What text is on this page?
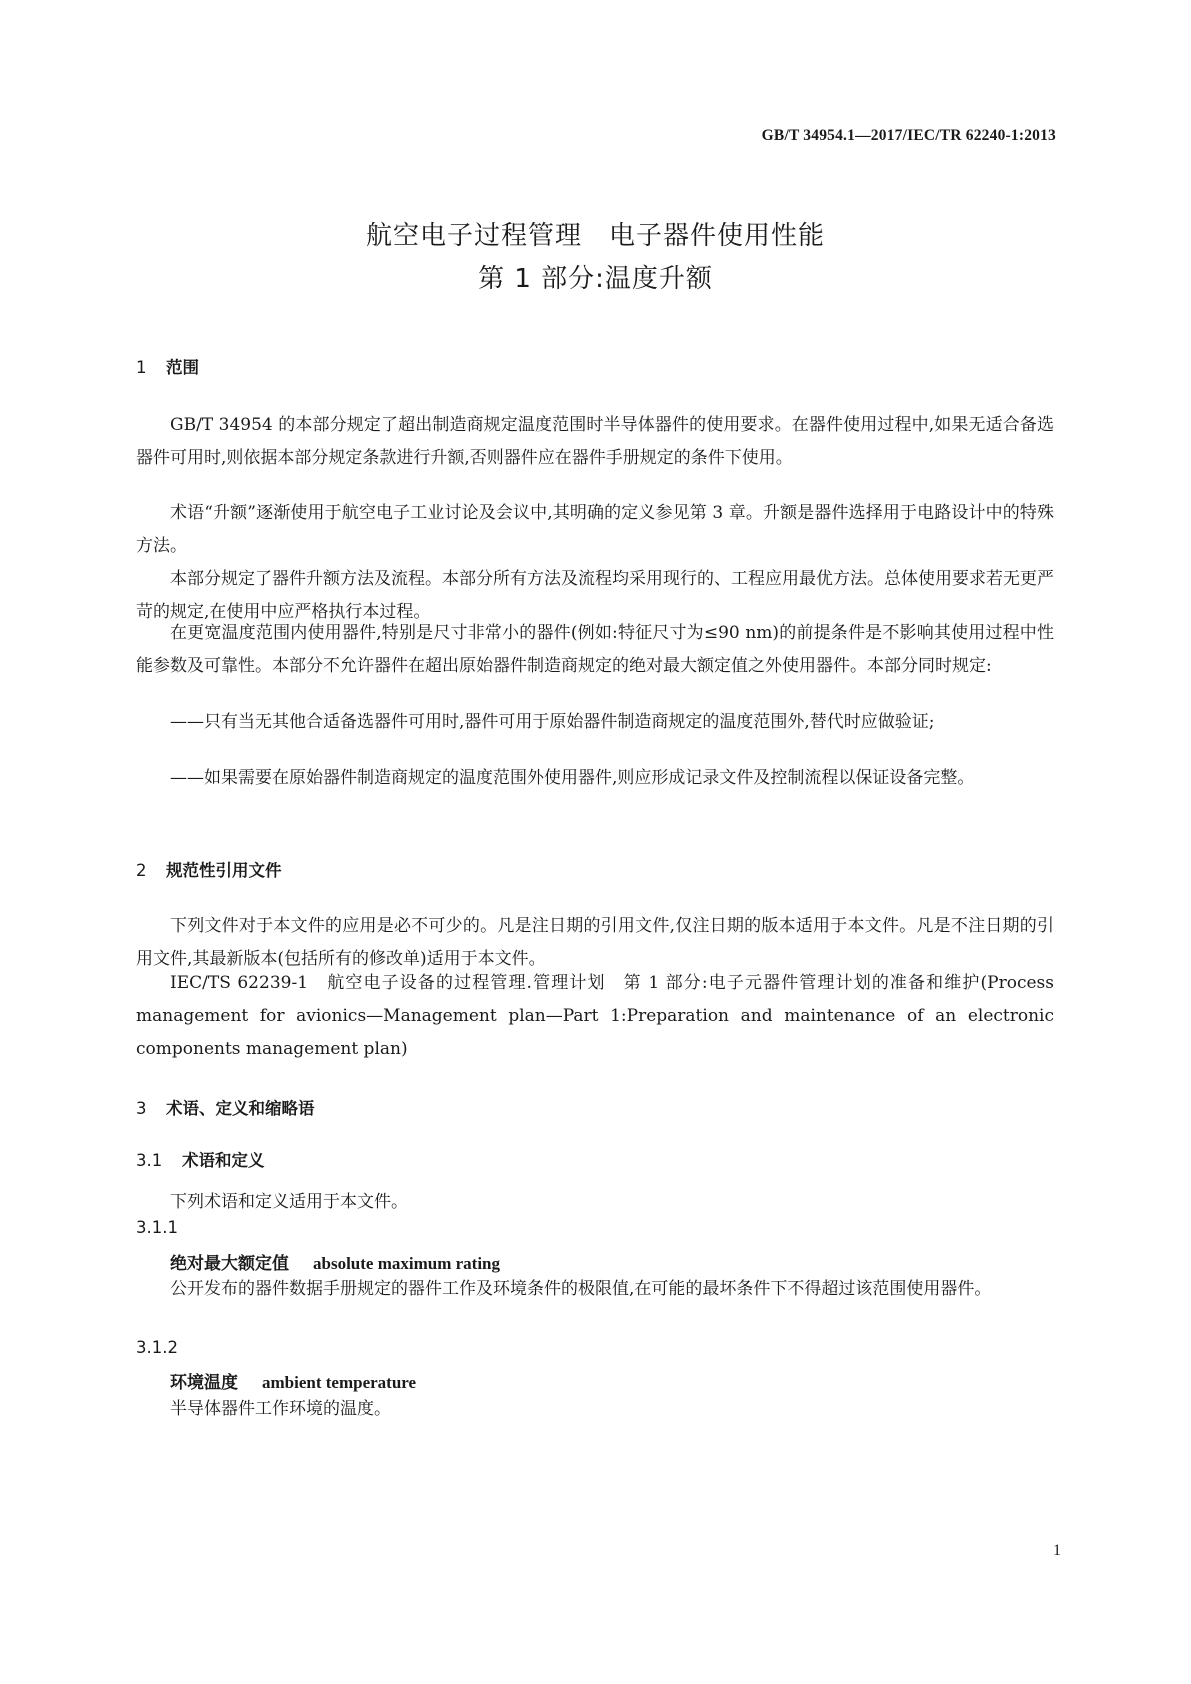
GB/T 34954.1—2017/IEC/TR 62240-1:2013
航空电子过程管理　电子器件使用性能
第 1 部分:温度升额
1 范围
GB/T 34954 的本部分规定了超出制造商规定温度范围时半导体器件的使用要求。在器件使用过程中,如果无适合备选器件可用时,则依据本部分规定条款进行升额,否则器件应在器件手册规定的条件下使用。
术语“升额”逐渐使用于航空电子工业讨论及会议中,其明确的定义参见第 3 章。升额是器件选择用于电路设计中的特殊方法。
本部分规定了器件升额方法及流程。本部分所有方法及流程均采用现行的、工程应用最优方法。总体使用要求若无更严苛的规定,在使用中应严格执行本过程。
在更宽温度范围内使用器件,特别是尺寸非常小的器件(例如:特征尺寸为≤90 nm)的前提条件是不影响其使用过程中性能参数及可靠性。本部分不允许器件在超出原始器件制造商规定的绝对最大额定值之外使用器件。本部分同时规定:
——只有当无其他合适备选器件可用时,器件可用于原始器件制造商规定的温度范围外,替代时应做验证;
——如果需要在原始器件制造商规定的温度范围外使用器件,则应形成记录文件及控制流程以保证设备完整。
2 规范性引用文件
下列文件对于本文件的应用是必不可少的。凡是注日期的引用文件,仅注日期的版本适用于本文件。凡是不注日期的引用文件,其最新版本(包括所有的修改单)适用于本文件。
IEC/TS 62239-1　航空电子设备的过程管理.管理计划　第 1 部分:电子元器件管理计划的准备和维护(Process management for avionics—Management plan—Part 1:Preparation and maintenance of an electronic components management plan)
3 术语、定义和缩略语
3.1 术语和定义
下列术语和定义适用于本文件。
3.1.1
绝对最大额定值 absolute maximum rating
公开发布的器件数据手册规定的器件工作及环境条件的极限值,在可能的最坏条件下不得超过该范围使用器件。
3.1.2
环境温度 ambient temperature
半导体器件工作环境的温度。
1
